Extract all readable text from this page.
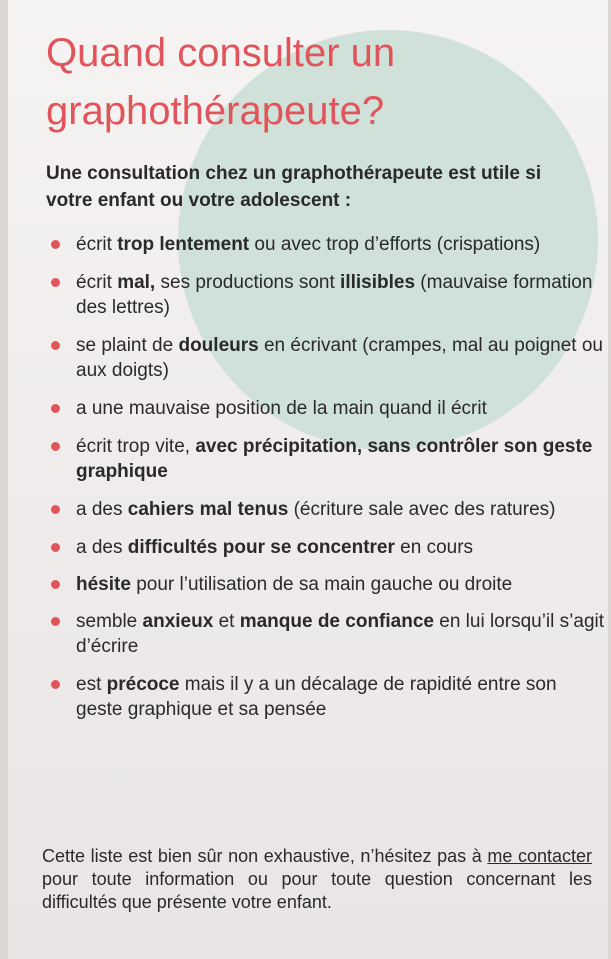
Quand consulter un graphothérapeute?

Une consultation chez un graphothérapeute est utile si votre enfant ou votre adolescent :

écrit trop lentement ou avec trop d’efforts (crispations)
écrit mal, ses productions sont illisibles (mauvaise formation des lettres)
se plaint de douleurs en écrivant (crampes, mal au poignet ou aux doigts)
a une mauvaise position de la main quand il écrit
écrit trop vite, avec précipitation, sans contrôler son geste graphique
a des cahiers mal tenus (écriture sale avec des ratures)
a des difficultés pour se concentrer en cours
hésite pour l’utilisation de sa main gauche ou droite
semble anxieux et manque de confiance en lui lorsqu’il s’agit d’écrire
est précoce mais il y a un décalage de rapidité entre son geste graphique et sa pensée

Cette liste est bien sûr non exhaustive, n’hésitez pas à me contacter pour toute information ou pour toute question concernant les difficultés que présente votre enfant.
